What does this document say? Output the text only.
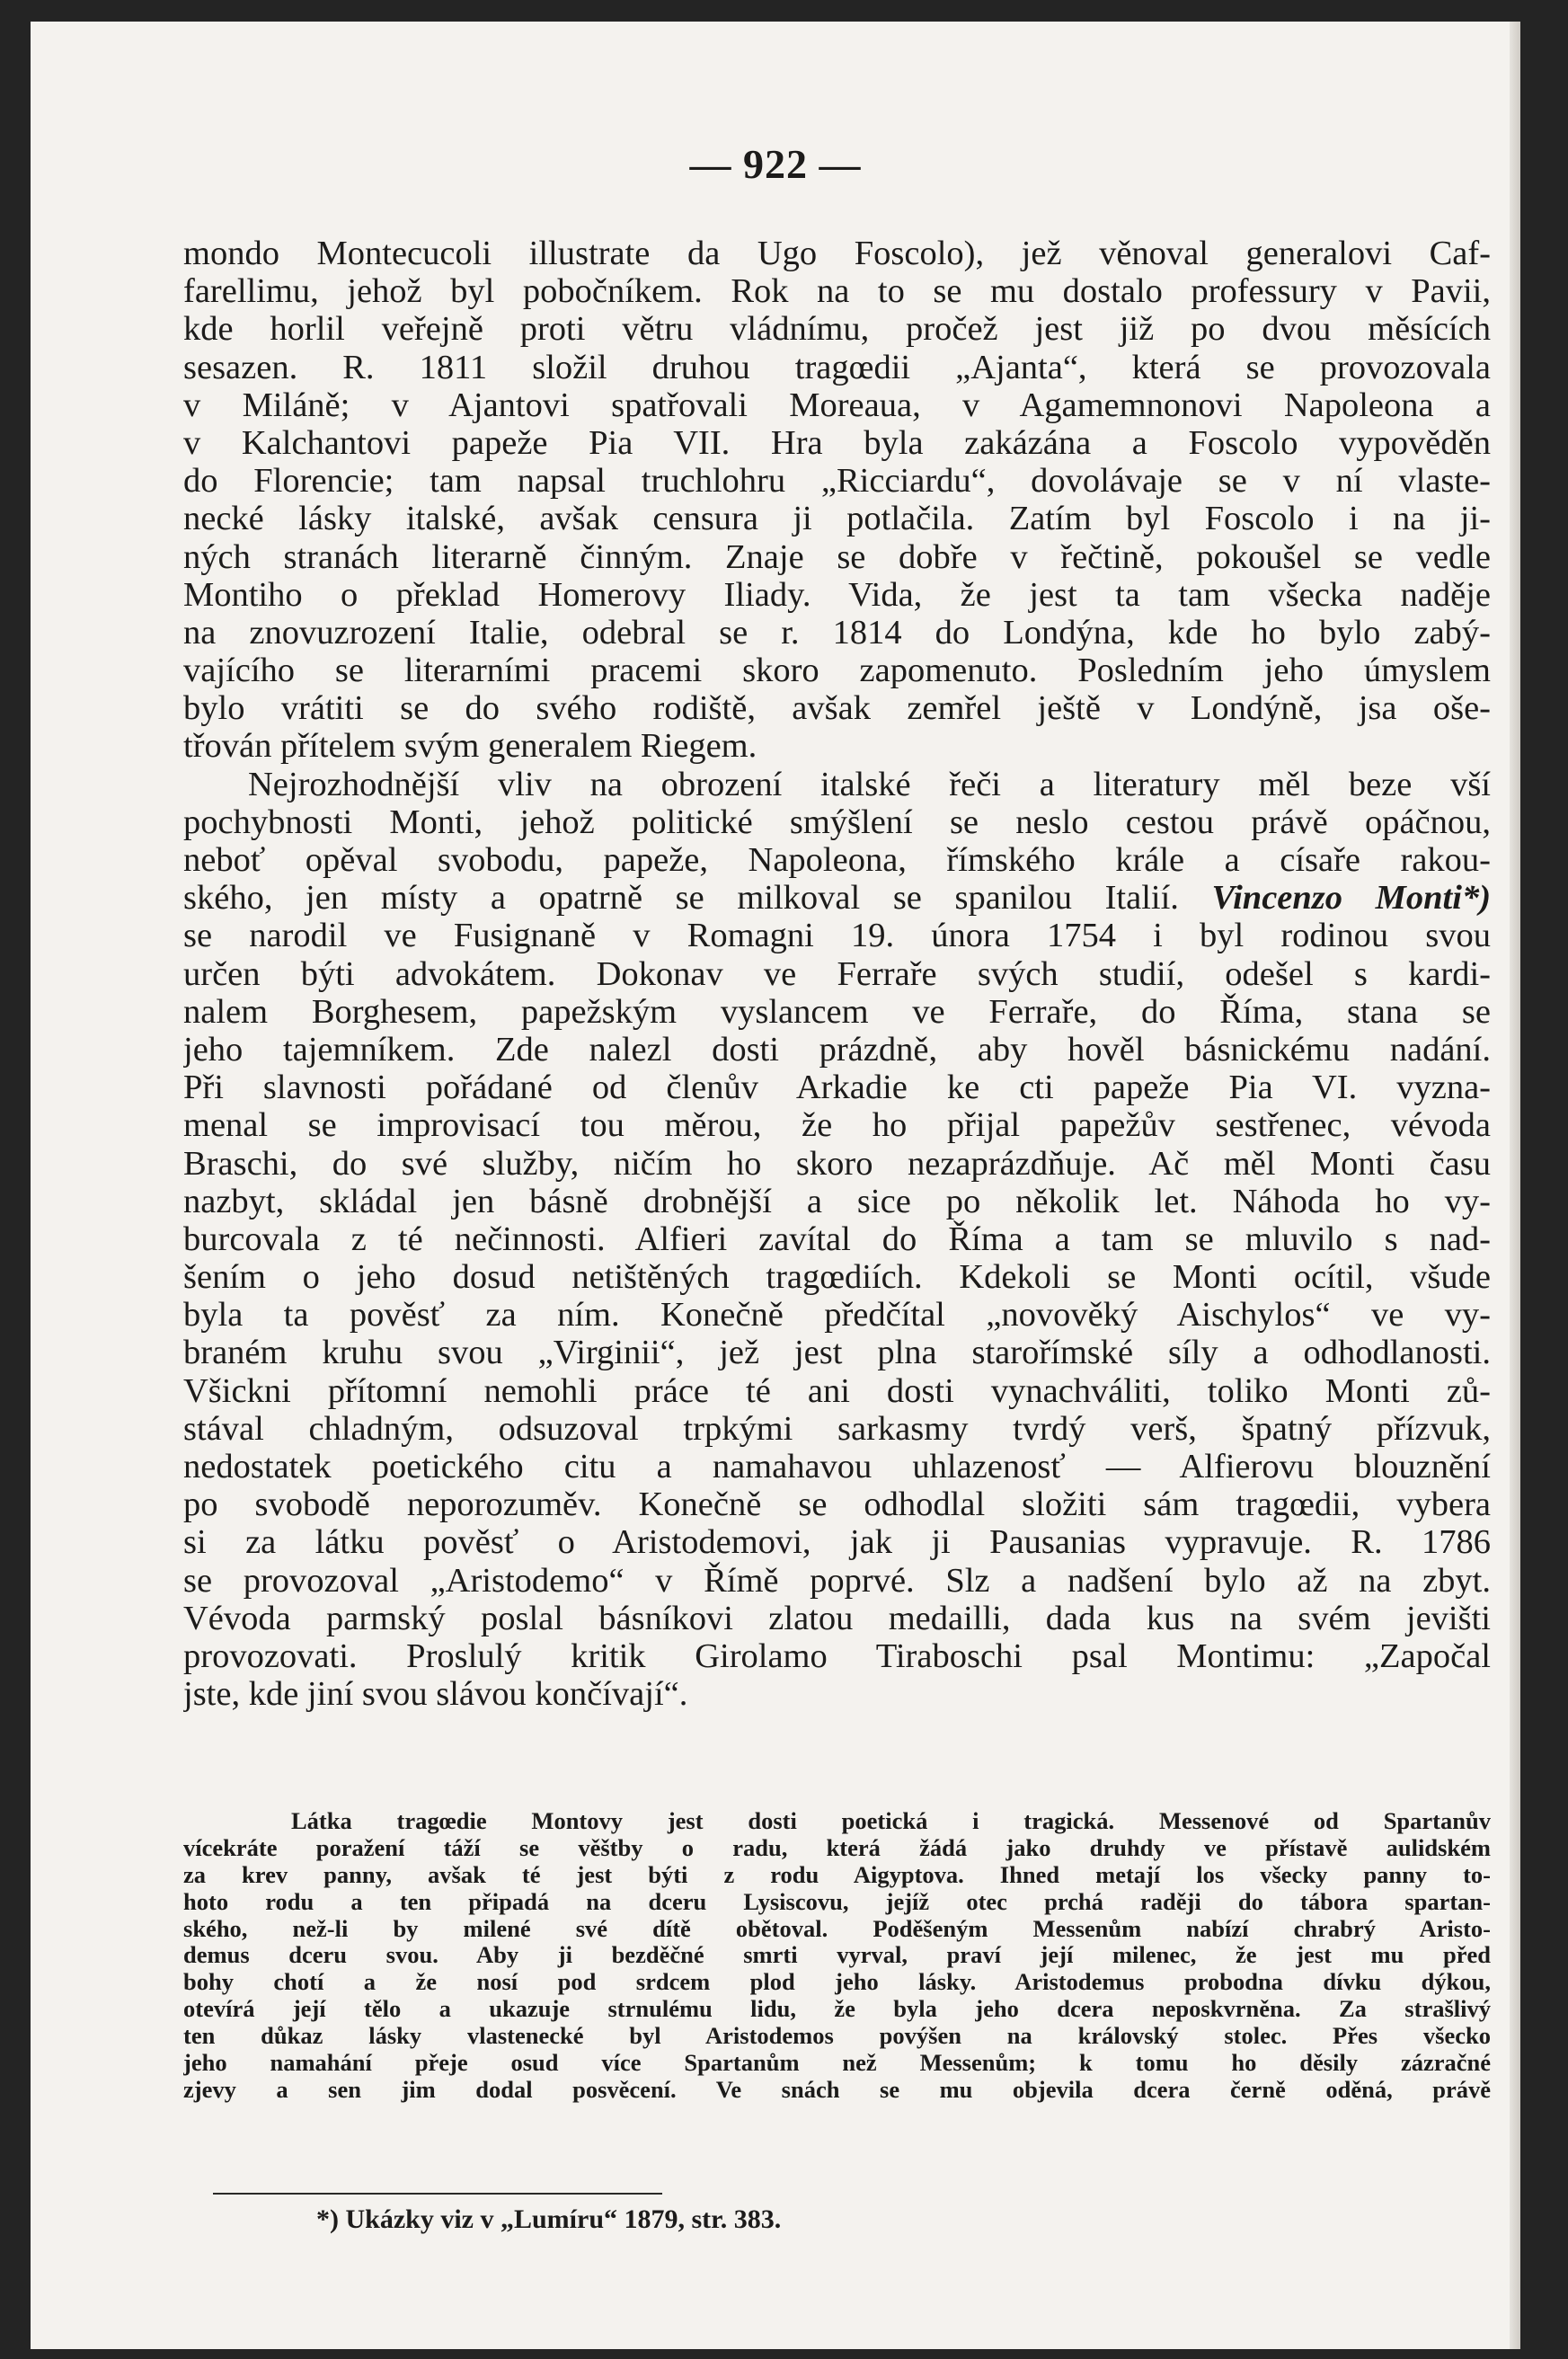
— 922 —
mondo Montecucoli illustrate da Ugo Foscolo), jež věnoval generalovi Caf-
farellimu, jehož byl pobočníkem. Rok na to se mu dostalo professury v Pavii,
kde horlil veřejně proti větru vládnímu, pročež jest již po dvou měsících
sesazen. R. 1811 složil druhou tragœdii „Ajanta“, která se provozovala
v Miláně; v Ajantovi spatřovali Moreaua, v Agamemnonovi Napoleona a
v Kalchantovi papeže Pia VII. Hra byla zakázána a Foscolo vypověděn
do Florencie; tam napsal truchlohru „Ricciardu“, dovolávaje se v ní vlaste-
necké lásky italské, avšak censura ji potlačila. Zatím byl Foscolo i na ji-
ných stranách literarně činným. Znaje se dobře v řečtině, pokoušel se vedle
Montiho o překlad Homerovy Iliady. Vida, že jest ta tam všecka naděje
na znovuzrození Italie, odebral se r. 1814 do Londýna, kde ho bylo zabý-
vajícího se literarními pracemi skoro zapomenuto. Posledním jeho úmyslem
bylo vrátiti se do svého rodiště, avšak zemřel ještě v Londýně, jsa oše-
třován přítelem svým generalem Riegem.
Nejrozhodnější vliv na obrození italské řeči a literatury měl beze vší
pochybnosti Monti, jehož politické smýšlení se neslo cestou právě opáčnou,
neboť opěval svobodu, papeže, Napoleona, římského krále a císaře rakou-
ského, jen místy a opatrně se milkoval se spanilou Italií. Vincenzo Monti*)
se narodil ve Fusignaně v Romagni 19. února 1754 i byl rodinou svou
určen býti advokátem. Dokonav ve Ferraře svých studií, odešel s kardi-
nalem Borghesem, papežským vyslancem ve Ferraře, do Říma, stana se
jeho tajemníkem. Zde nalezl dosti prázdně, aby hověl básnickému nadání.
Při slavnosti pořádané od členův Arkadie ke cti papeže Pia VI. vyzna-
menal se improvisací tou měrou, že ho přijal papežův sestřenec, vévoda
Braschi, do své služby, ničím ho skoro nezaprázdňuje. Ač měl Monti času
nazbyt, skládal jen básně drobnější a sice po několik let. Náhoda ho vy-
burcovala z té nečinnosti. Alfieri zavítal do Říma a tam se mluvilo s nad-
šením o jeho dosud netištěných tragœdiích. Kdekoli se Monti ocítil, všude
byla ta pověsť za ním. Konečně předčítal „novověký Aischylos“ ve vy-
braném kruhu svou „Virginii“, jež jest plna starořímské síly a odhodlanosti.
Všickni přítomní nemohli práce té ani dosti vynachváliti, toliko Monti zů-
stával chladným, odsuzoval trpkými sarkasmy tvrdý verš, špatný přízvuk,
nedostatek poetického citu a namahavou uhlazenosť — Alfierovu blouznění
po svobodě neporozuměv. Konečně se odhodlal složiti sám tragœdii, vybera
si za látku pověsť o Aristodemovi, jak ji Pausanias vypravuje. R. 1786
se provozoval „Aristodemo“ v Římě poprvé. Slz a nadšení bylo až na zbyt.
Vévoda parmský poslal básníkovi zlatou medailli, dada kus na svém jevišti
provozovati. Proslulý kritik Girolamo Tiraboschi psal Montimu: „Započal
jste, kde jiní svou slávou končívají“.
Látka tragœdie Montovy jest dosti poetická i tragická. Messenové od Spartanův
vícekráte poražení táží se věštby o radu, která žádá jako druhdy ve přístavě aulidském
za krev panny, avšak té jest býti z rodu Aigyptova. Ihned metají los všecky panny to-
hoto rodu a ten připadá na dceru Lysiscovu, jejíž otec prchá raději do tábora spartan-
ského, než-li by milené své dítě obětoval. Poděšeným Messenům nabízí chrabrý Aristo-
demus dceru svou. Aby ji bezděčné smrti vyrval, praví její milenec, že jest mu před
bohy chotí a že nosí pod srdcem plod jeho lásky. Aristodemus probodna dívku dýkou,
otevírá její tělo a ukazuje strnulému lidu, že byla jeho dcera neposkvrněna. Za strašlivý
ten důkaz lásky vlastenecké byl Aristodemos povýšen na královský stolec. Přes všecko
jeho namahání přeje osud více Spartanům než Messenům; k tomu ho děsily zázračné
zjevy a sen jim dodal posvěcení. Ve snách se mu objevila dcera černě oděná, právě
*) Ukázky viz v „Lumíru“ 1879, str. 383.
